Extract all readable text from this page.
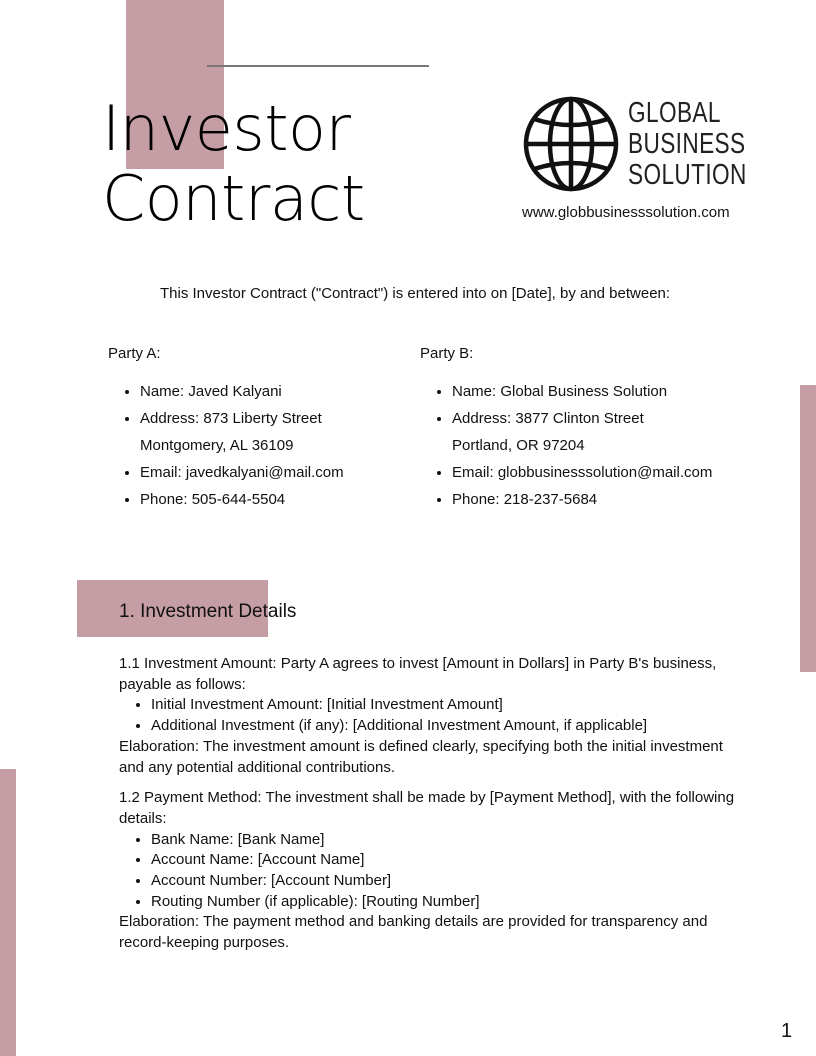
Investor
Contract
GLOBAL
BUSINESS
SOLUTION
www.globbusinesssolution.com
This Investor Contract ("Contract") is entered into on [Date], by and between:

Party A:

• Name: Javed Kalyani
• Address: 873 Liberty Street
Montgomery, AL 36109
• Email: javedkalyani@mail.com
• Phone: 505-644-5504

Party B:

• Name: Global Business Solution
• Address: 3877 Clinton Street
Portland, OR 97204
• Email: globbusinesssolution@mail.com
• Phone: 218-237-5684
1. Investment Details

1.1 Investment Amount: Party A agrees to invest [Amount in Dollars] in Party B's business, payable as follows:

• Initial Investment Amount: [Initial Investment Amount]
• Additional Investment (if any): [Additional Investment Amount, if applicable]

Elaboration: The investment amount is defined clearly, specifying both the initial investment and any potential additional contributions.

1.2 Payment Method: The investment shall be made by [Payment Method], with the following details:

• Bank Name: [Bank Name]
• Account Name: [Account Name]
• Account Number: [Account Number]
• Routing Number (if applicable): [Routing Number]

Elaboration: The payment method and banking details are provided for transparency and record-keeping purposes.

1
